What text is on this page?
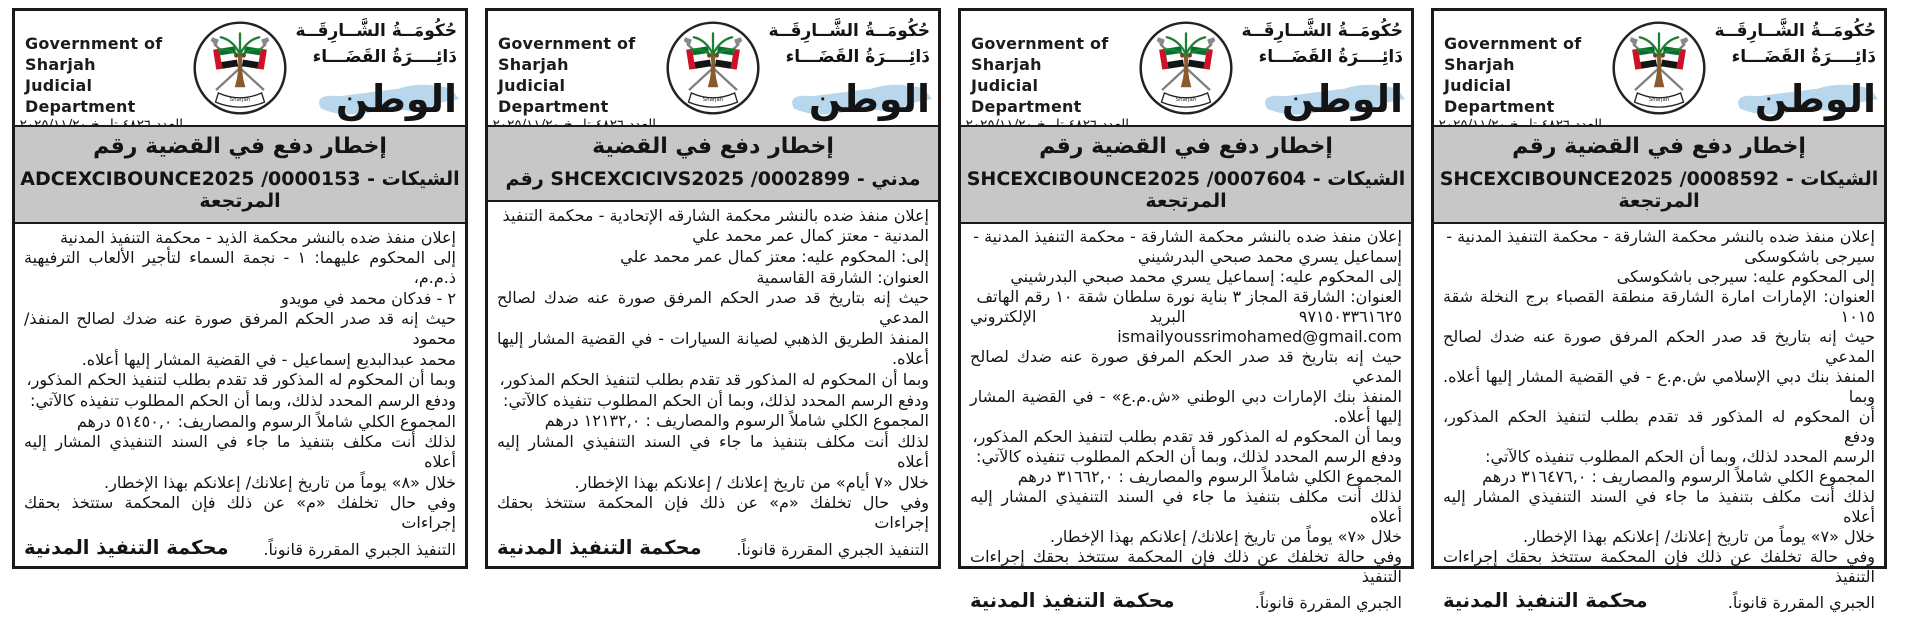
Government of Sharjah
Judicial Department	Sharjah
حُكُومَــةُ الشَّــارِقَــة
دَائِــــرَةُ القَضَـــاء
الوطن
إخطار دفع في القضية رقم
ADCEXCIBOUNCE2025 /0000153 - الشيكات المرتجعة
إعلان منفذ ضده بالنشر محكمة الذيد - محكمة التنفيذ المدنية
إلى المحكوم عليهما: ١ - نجمة السماء لتأجير الألعاب الترفيهية ذ.م.م،
٢ - فدكان محمد في مويدو
حيث إنه قد صدر الحكم المرفق صورة عنه ضدك لصالح المنفذ/ محمود
محمد عبدالبديع إسماعيل - في القضية المشار إليها أعلاه.
وبما أن المحكوم له المذكور قد تقدم بطلب لتنفيذ الحكم المذكور،
ودفع الرسم المحدد لذلك، وبما أن الحكم المطلوب تنفيذه كالآتي:
المجموع الكلي شاملاً الرسوم والمصاريف: ٥١٤٥٠,٠ درهم
لذلك أنت مكلف بتنفيذ ما جاء في السند التنفيذي المشار إليه أعلاه
خلال «٨» يوماً من تاريخ إعلانك/ إعلانكم بهذا الإخطار.
وفي حال تخلفك «م» عن ذلك فإن المحكمة ستتخذ بحقك إجراءات
محكمة التنفيذ المدنية التنفيذ الجبري المقررة قانوناً.
Government of Sharjah
Judicial Department	Sharjah
حُكُومَــةُ الشَّــارِقَــة
دَائِــــرَةُ القَضَـــاء
الوطن
إخطار دفع في القضية
رقم SHCEXCICIVS2025 /0002899 - مدني
إعلان منفذ ضده بالنشر محكمة الشارقه الإتحادية - محكمة التنفيذ
المدنية - معتز كمال عمر محمد علي
إلى: المحكوم عليه: معتز كمال عمر محمد علي
العنوان: الشارقة القاسمية
حيث إنه بتاريخ قد صدر الحكم المرفق صورة عنه ضدك لصالح المدعي
المنفذ الطريق الذهبي لصيانة السيارات - في القضية المشار إليها أعلاه.
وبما أن المحكوم له المذكور قد تقدم بطلب لتنفيذ الحكم المذكور،
ودفع الرسم المحدد لذلك، وبما أن الحكم المطلوب تنفيذه كالآتي:
المجموع الكلي شاملاً الرسوم والمصاريف : ١٢١٣٢,٠ درهم
لذلك أنت مكلف بتنفيذ ما جاء في السند التنفيذي المشار إليه أعلاه
خلال «٧ أيام» من تاريخ إعلانك / إعلانكم بهذا الإخطار.
وفي حال تخلفك «م» عن ذلك فإن المحكمة ستتخذ بحقك إجراءات
محكمة التنفيذ المدنية التنفيذ الجبري المقررة قانوناً.
Government of Sharjah
Judicial Department	Sharjah
حُكُومَــةُ الشَّــارِقَــة
دَائِــــرَةُ القَضَـــاء
الوطن
إخطار دفع في القضية رقم
SHCEXCIBOUNCE2025 /0007604 - الشيكات المرتجعة
إعلان منفذ ضده بالنشر محكمة الشارقة - محكمة التنفيذ المدنية -
إسماعيل يسري محمد صبحي البدرشيني
إلى المحكوم عليه: إسماعيل يسري محمد صبحي البدرشيني
العنوان: الشارقة المجاز ٣ بناية نورة سلطان شقة ١٠ رقم الهاتف
٩٧١٥٠٣٣٦١٦٢٥ البريد الإلكتروني ismailyoussrimohamed@gmail.com
حيث إنه بتاريخ قد صدر الحكم المرفق صورة عنه ضدك لصالح المدعي
المنفذ بنك الإمارات دبي الوطني «ش.م.ع» - في القضية المشار إليها أعلاه.
وبما أن المحكوم له المذكور قد تقدم بطلب لتنفيذ الحكم المذكور،
ودفع الرسم المحدد لذلك، وبما أن الحكم المطلوب تنفيذه كالآتي:
المجموع الكلي شاملاً الرسوم والمصاريف : ٣١٦٦٢,٠ درهم
لذلك أنت مكلف بتنفيذ ما جاء في السند التنفيذي المشار إليه أعلاه
خلال «٧» يوماً من تاريخ إعلانك/ إعلانكم بهذا الإخطار.
وفي حالة تخلفك عن ذلك فإن المحكمة ستتخذ بحقك إجراءات التنفيذ
محكمة التنفيذ المدنية	الجبري المقررة قانوناً.
Government of Sharjah
Judicial Department	Sharjah
حُكُومَــةُ الشَّــارِقَــة
دَائِــــرَةُ القَضَـــاء
الوطن
إخطار دفع في القضية رقم
SHCEXCIBOUNCE2025 /0008592 - الشيكات المرتجعة
إعلان منفذ ضده بالنشر محكمة الشارقة - محكمة التنفيذ المدنية -
سيرجى باشكوسكى
إلى المحكوم عليه: سيرجى باشكوسكى
العنوان: الإمارات امارة الشارقة منطقة القصباء برج النخلة شقة ١٠١٥
حيث إنه بتاريخ قد صدر الحكم المرفق صورة عنه ضدك لصالح المدعي
المنفذ بنك دبي الإسلامي ش.م.ع - في القضية المشار إليها أعلاه. وبما
أن المحكوم له المذكور قد تقدم بطلب لتنفيذ الحكم المذكور، ودفع
الرسم المحدد لذلك، وبما أن الحكم المطلوب تنفيذه كالآتي:
المجموع الكلي شاملاً الرسوم والمصاريف : ٣١٦٤٧٦,٠ درهم
لذلك أنت مكلف بتنفيذ ما جاء في السند التنفيذي المشار إليه أعلاه
خلال «٧» يوماً من تاريخ إعلانك/ إعلانكم بهذا الإخطار.
وفي حالة تخلفك عن ذلك فإن المحكمة ستتخذ بحقك إجراءات التنفيذ
محكمة التنفيذ المدنية	الجبري المقررة قانوناً.
